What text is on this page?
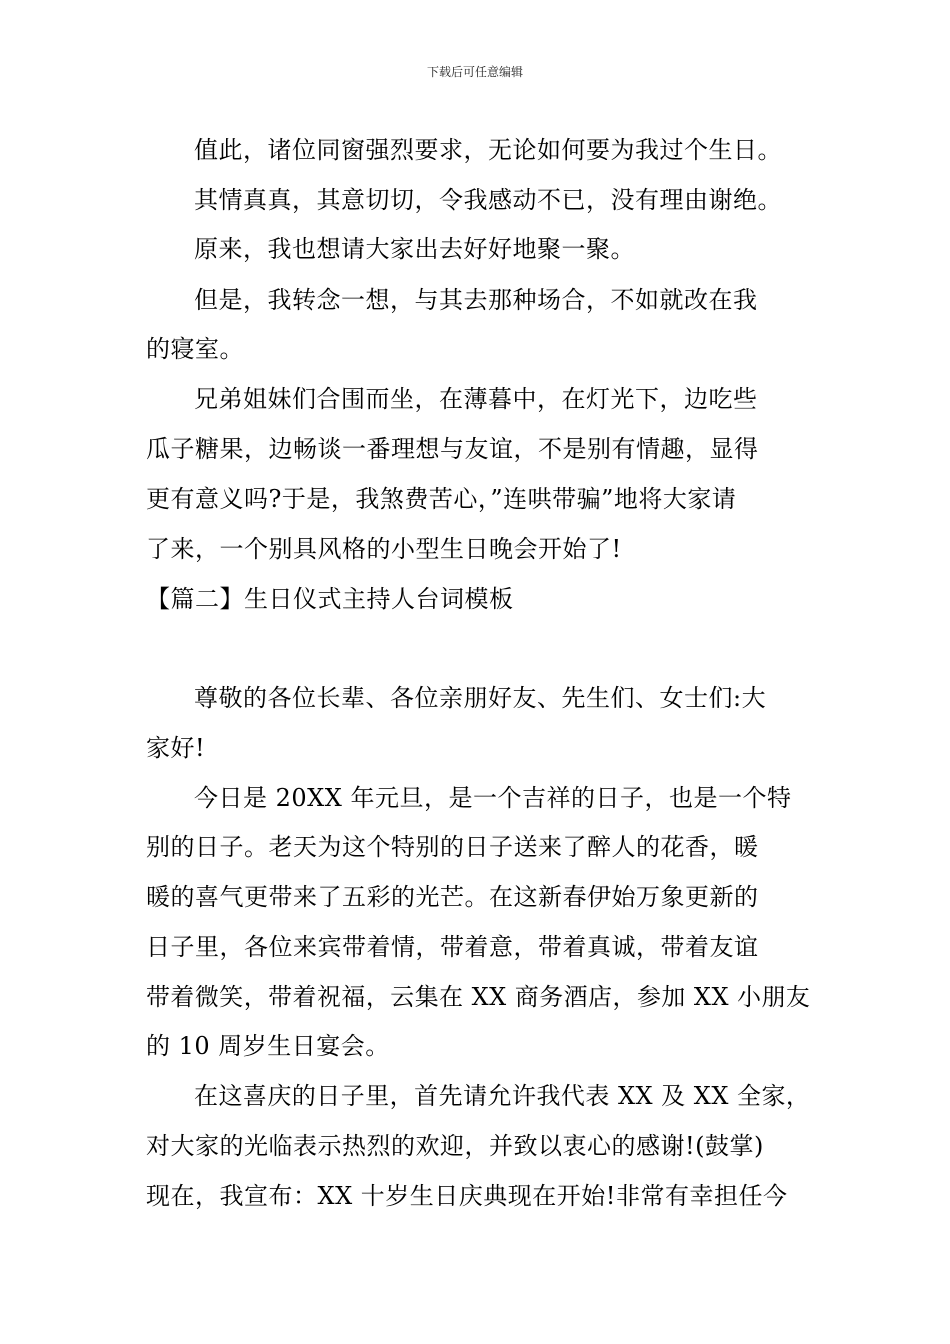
下载后可任意编辑
值此，诸位同窗强烈要求，无论如何要为我过个生日。
其情真真，其意切切，令我感动不已，没有理由谢绝。
原来，我也想请大家出去好好地聚一聚。
但是，我转念一想，与其去那种场合，不如就改在我
的寝室。
兄弟姐妹们合围而坐，在薄暮中，在灯光下，边吃些
瓜子糖果，边畅谈一番理想与友谊，不是别有情趣，显得
更有意义吗?于是，我煞费苦心，”连哄带骗”地将大家请
了来，一个别具风格的小型生日晚会开始了!
【篇二】生日仪式主持人台词模板
尊敬的各位长辈、各位亲朋好友、先生们、女士们:大
家好!
今日是 20XX 年元旦，是一个吉祥的日子，也是一个特
别的日子。老天为这个特别的日子送来了醉人的花香，暖
暖的喜气更带来了五彩的光芒。在这新春伊始万象更新的
日子里，各位来宾带着情，带着意，带着真诚，带着友谊
带着微笑，带着祝福，云集在 XX 商务酒店，参加 XX 小朋友
的 10 周岁生日宴会。
在这喜庆的日子里，首先请允许我代表 XX 及 XX 全家，
对大家的光临表示热烈的欢迎，并致以衷心的感谢!(鼓掌)
现在，我宣布：XX 十岁生日庆典现在开始!非常有幸担任今
